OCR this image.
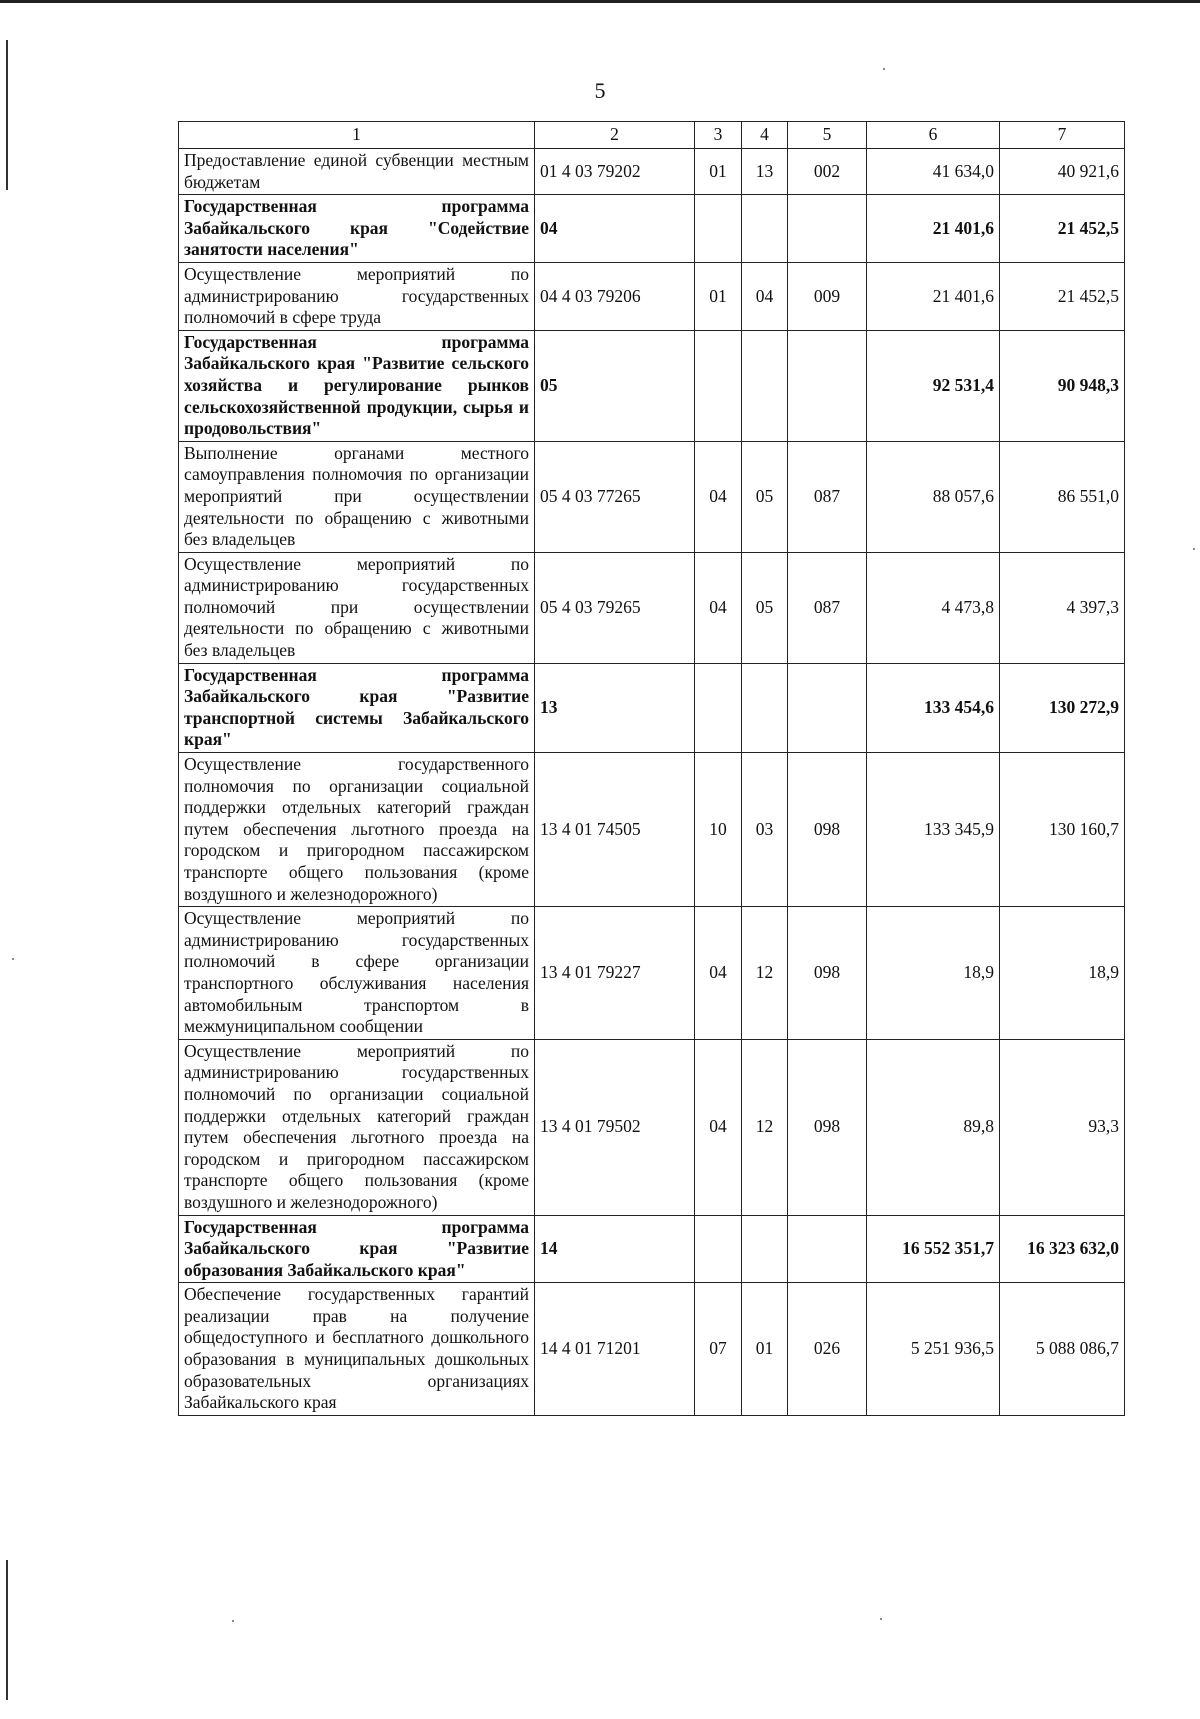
5
1	2	3	4	5	6	7
Предоставление единой субвенции местным бюджетам	01 4 03 79202	01	13	002	41 634,0	40 921,6
Государственная программа Забайкальского края "Содействие занятости населения"	04				21 401,6	21 452,5
Осуществление мероприятий по администрированию государственных полномочий в сфере труда	04 4 03 79206	01	04	009	21 401,6	21 452,5
Государственная программа Забайкальского края "Развитие сельского хозяйства и регулирование рынков сельскохозяйственной продукции, сырья и продовольствия"	05				92 531,4	90 948,3
Выполнение органами местного самоуправления полномочия по организации мероприятий при осуществлении деятельности по обращению с животными без владельцев	05 4 03 77265	04	05	087	88 057,6	86 551,0
Осуществление мероприятий по администрированию государственных полномочий при осуществлении деятельности по обращению с животными без владельцев	05 4 03 79265	04	05	087	4 473,8	4 397,3
Государственная программа Забайкальского края "Развитие транспортной системы Забайкальского края"	13				133 454,6	130 272,9
Осуществление государственного полномочия по организации социальной поддержки отдельных категорий граждан путем обеспечения льготного проезда на городском и пригородном пассажирском транспорте общего пользования (кроме воздушного и железнодорожного)	13 4 01 74505	10	03	098	133 345,9	130 160,7
Осуществление мероприятий по администрированию государственных полномочий в сфере организации транспортного обслуживания населения автомобильным транспортом в межмуниципальном сообщении	13 4 01 79227	04	12	098	18,9	18,9
Осуществление мероприятий по администрированию государственных полномочий по организации социальной поддержки отдельных категорий граждан путем обеспечения льготного проезда на городском и пригородном пассажирском транспорте общего пользования (кроме воздушного и железнодорожного)	13 4 01 79502	04	12	098	89,8	93,3
Государственная программа Забайкальского края "Развитие образования Забайкальского края"	14				16 552 351,7	16 323 632,0
Обеспечение государственных гарантий реализации прав на получение общедоступного и бесплатного дошкольного образования в муниципальных дошкольных образовательных организациях Забайкальского края	14 4 01 71201	07	01	026	5 251 936,5	5 088 086,7
